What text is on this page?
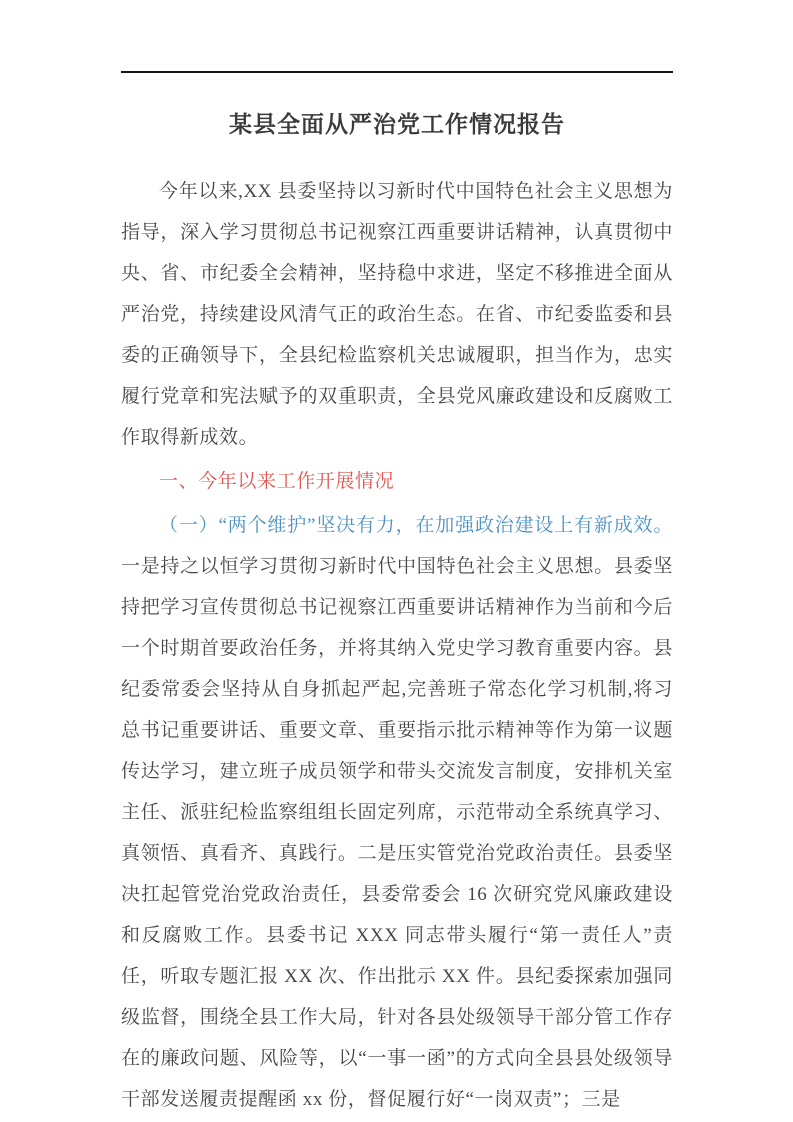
某县全面从严治党工作情况报告

今年以来,XX 县委坚持以习新时代中国特色社会主义思想为指导，深入学习贯彻总书记视察江西重要讲话精神，认真贯彻中央、省、市纪委全会精神，坚持稳中求进，坚定不移推进全面从严治党，持续建设风清气正的政治生态。在省、市纪委监委和县委的正确领导下，全县纪检监察机关忠诚履职，担当作为，忠实履行党章和宪法赋予的双重职责，全县党风廉政建设和反腐败工作取得新成效。

一、今年以来工作开展情况

（一）“两个维护”坚决有力，在加强政治建设上有新成效。一是持之以恒学习贯彻习新时代中国特色社会主义思想。县委坚持把学习宣传贯彻总书记视察江西重要讲话精神作为当前和今后一个时期首要政治任务，并将其纳入党史学习教育重要内容。县纪委常委会坚持从自身抓起严起,完善班子常态化学习机制,将习总书记重要讲话、重要文章、重要指示批示精神等作为第一议题传达学习，建立班子成员领学和带头交流发言制度，安排机关室主任、派驻纪检监察组组长固定列席，示范带动全系统真学习、真领悟、真看齐、真践行。二是压实管党治党政治责任。县委坚决扛起管党治党政治责任，县委常委会 16 次研究党风廉政建设和反腐败工作。县委书记 XXX 同志带头履行“第一责任人”责任，听取专题汇报 XX 次、作出批示 XX 件。县纪委探索加强同级监督，围绕全县工作大局，针对各县处级领导干部分管工作存在的廉政问题、风险等，以“一事一函”的方式向全县县处级领导干部发送履责提醒函 xx 份，督促履行好“一岗双责”；三是
